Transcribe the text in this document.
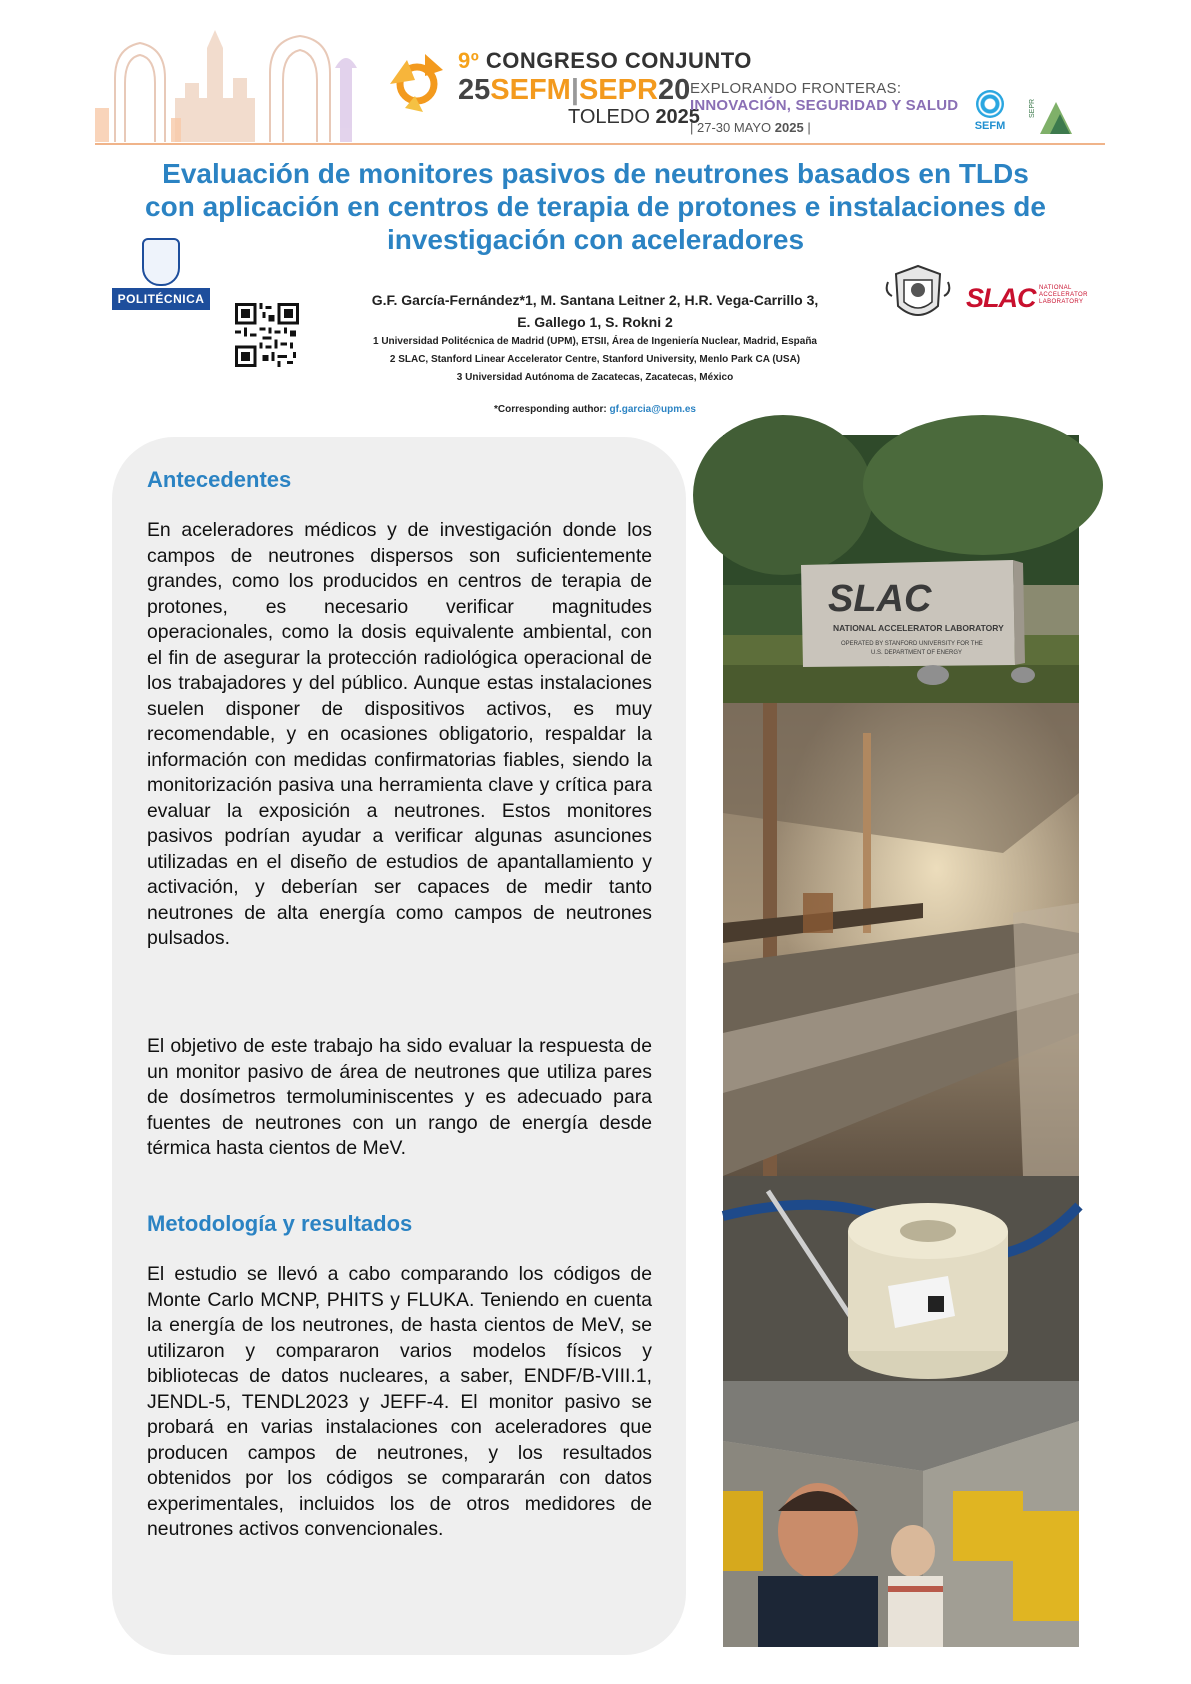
9º CONGRESO CONJUNTO
25SEFM|SEPR20
TOLEDO 2025
EXPLORANDO FRONTERAS:
INNOVACIÓN, SEGURIDAD Y SALUD
| 27-30 MAYO 2025 |	SEFM
SEPR
Evaluación de monitores pasivos de neutrones basados en TLDs
con aplicación en centros de terapia de protones e instalaciones de
investigación con aceleradores
POLITÉCNICA	G.F. García-Fernández*1, M. Santana Leitner 2, H.R. Vega-Carrillo 3,
E. Gallego 1, S. Rokni 2
1 Universidad Politécnica de Madrid (UPM), ETSII, Área de Ingeniería Nuclear, Madrid, España
2 SLAC, Stanford Linear Accelerator Centre, Stanford University, Menlo Park CA (USA)
3 Universidad Autónoma de Zacatecas, Zacatecas, México
*Corresponding author: gf.garcia@upm.es
SLAC NATIONAL
ACCELERATOR
LABORATORY
Antecedentes
En aceleradores médicos y de investigación donde los campos de neutrones dispersos son suficientemente grandes, como los producidos en centros de terapia de protones, es necesario verificar magnitudes operacionales, como la dosis equivalente ambiental, con el fin de asegurar la protección radiológica operacional de los trabajadores y del público. Aunque estas instalaciones suelen disponer de dispositivos activos, es muy recomendable, y en ocasiones obligatorio, respaldar la información con medidas confirmatorias fiables, siendo la monitorización pasiva una herramienta clave y crítica para evaluar la exposición a neutrones. Estos monitores pasivos podrían ayudar a verificar algunas asunciones utilizadas en el diseño de estudios de apantallamiento y activación, y deberían ser capaces de medir tanto neutrones de alta energía como campos de neutrones pulsados.
El objetivo de este trabajo ha sido evaluar la respuesta de un monitor pasivo de área de neutrones que utiliza pares de dosímetros termoluminiscentes y es adecuado para fuentes de neutrones con un rango de energía desde térmica hasta cientos de MeV.
Metodología y resultados
El estudio se llevó a cabo comparando los códigos de Monte Carlo MCNP, PHITS y FLUKA. Teniendo en cuenta la energía de los neutrones, de hasta cientos de MeV, se utilizaron y compararon varios modelos físicos y bibliotecas de datos nucleares, a saber, ENDF/B-VIII.1, JENDL-5, TENDL2023 y JEFF-4. El monitor pasivo se probará en varias instalaciones con aceleradores que producen campos de neutrones, y los resultados obtenidos por los códigos se compararán con datos experimentales, incluidos los de otros medidores de neutrones activos convencionales.
SLAC
NATIONAL ACCELERATOR LABORATORY
OPERATED BY STANFORD UNIVERSITY FOR THE
U.S. DEPARTMENT OF ENERGY
